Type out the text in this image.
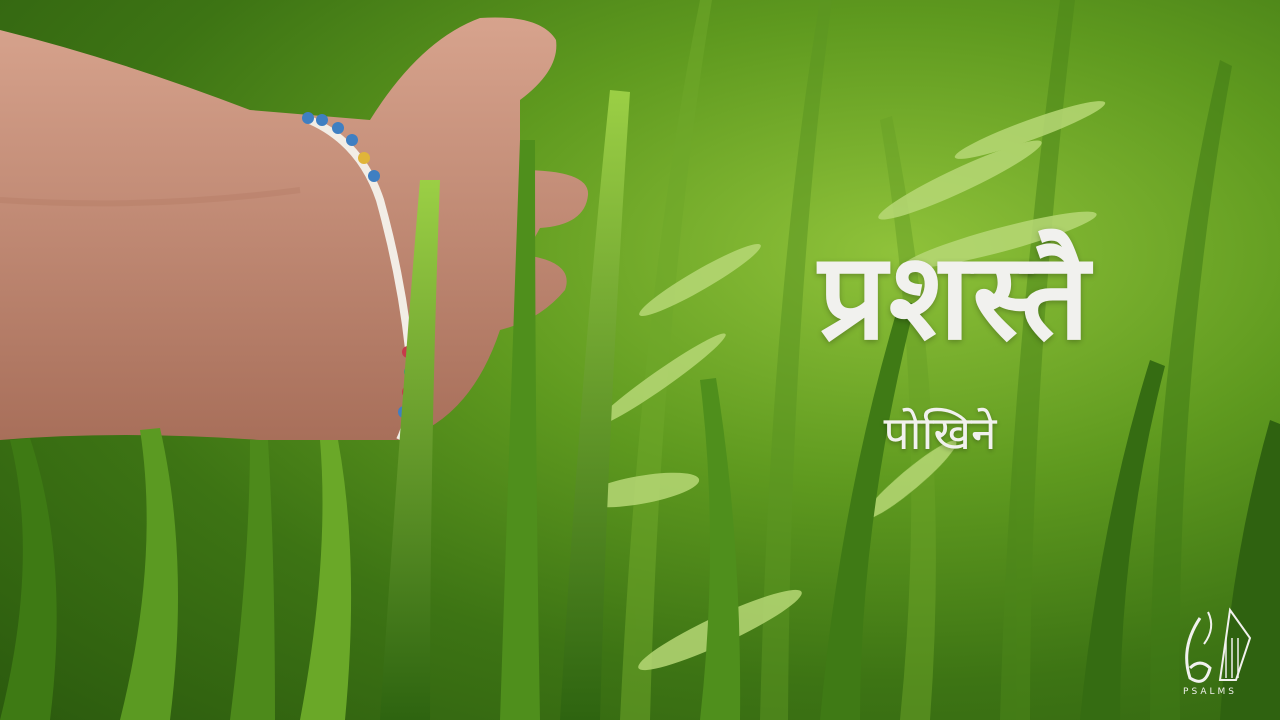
प्रशस्तै
पोखिने
PSALMS
